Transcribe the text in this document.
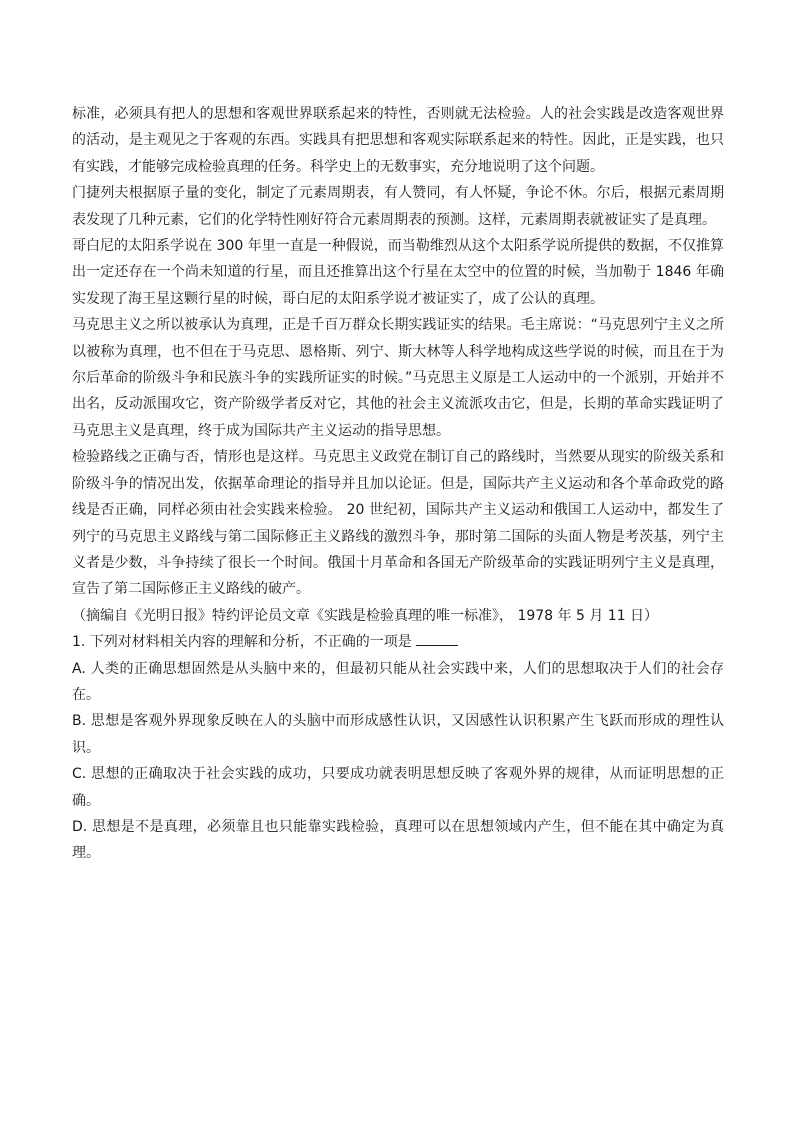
标准，必须具有把人的思想和客观世界联系起来的特性，否则就无法检验。人的社会实践是改造客观世界的活动，是主观见之于客观的东西。实践具有把思想和客观实际联系起来的特性。因此，正是实践，也只有实践，才能够完成检验真理的任务。科学史上的无数事实，充分地说明了这个问题。

门捷列夫根据原子量的变化，制定了元素周期表，有人赞同，有人怀疑，争论不休。尔后，根据元素周期表发现了几种元素，它们的化学特性刚好符合元素周期表的预测。这样，元素周期表就被证实了是真理。

哥白尼的太阳系学说在 300 年里一直是一种假说，而当勒维烈从这个太阳系学说所提供的数据，不仅推算出一定还存在一个尚未知道的行星，而且还推算出这个行星在太空中的位置的时候，当加勒于 1846 年确实发现了海王星这颗行星的时候，哥白尼的太阳系学说才被证实了，成了公认的真理。

马克思主义之所以被承认为真理，正是千百万群众长期实践证实的结果。毛主席说：“马克思列宁主义之所以被称为真理，也不但在于马克思、恩格斯、列宁、斯大林等人科学地构成这些学说的时候，而且在于为尔后革命的阶级斗争和民族斗争的实践所证实的时候。”马克思主义原是工人运动中的一个派别，开始并不出名，反动派围攻它，资产阶级学者反对它，其他的社会主义流派攻击它，但是，长期的革命实践证明了马克思主义是真理，终于成为国际共产主义运动的指导思想。

检验路线之正确与否，情形也是这样。马克思主义政党在制订自己的路线时，当然要从现实的阶级关系和阶级斗争的情况出发，依据革命理论的指导并且加以论证。但是，国际共产主义运动和各个革命政党的路线是否正确，同样必须由社会实践来检验。 20 世纪初，国际共产主义运动和俄国工人运动中，都发生了列宁的马克思主义路线与第二国际修正主义路线的激烈斗争，那时第二国际的头面人物是考茨基，列宁主义者是少数，斗争持续了很长一个时间。俄国十月革命和各国无产阶级革命的实践证明列宁主义是真理，宣告了第二国际修正主义路线的破产。

（摘编自《光明日报》特约评论员文章《实践是检验真理的唯一标准》， 1978 年 5 月 11 日）

1. 下列对材料相关内容的理解和分析，不正确的一项是

A. 人类的正确思想固然是从头脑中来的，但最初只能从社会实践中来，人们的思想取决于人们的社会存在。

B. 思想是客观外界现象反映在人的头脑中而形成感性认识，又因感性认识积累产生飞跃而形成的理性认识。

C. 思想的正确取决于社会实践的成功，只要成功就表明思想反映了客观外界的规律，从而证明思想的正确。

D. 思想是不是真理，必须靠且也只能靠实践检验，真理可以在思想领域内产生，但不能在其中确定为真理。
